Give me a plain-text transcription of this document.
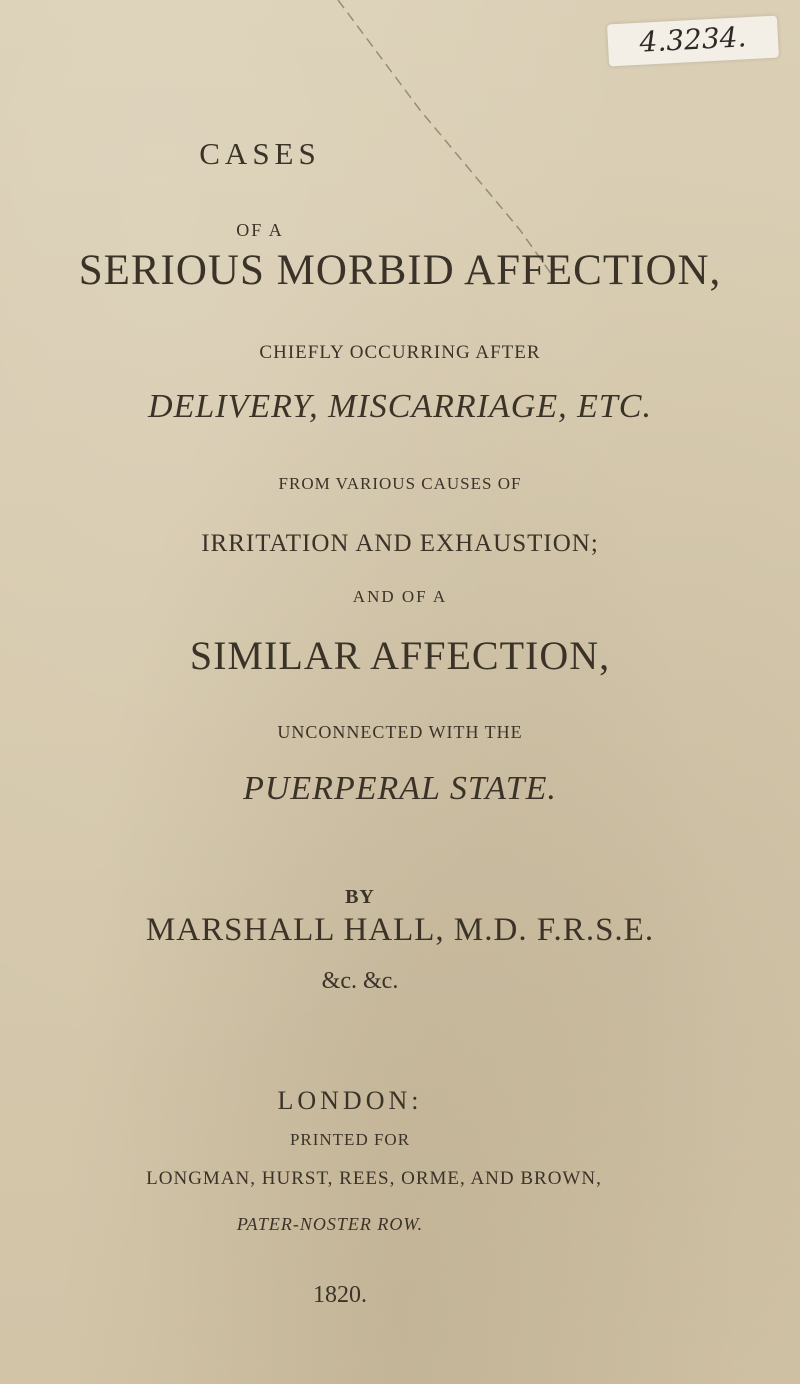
4.3234.
CASES
OF A
SERIOUS MORBID AFFECTION,
CHIEFLY OCCURRING AFTER
DELIVERY, MISCARRIAGE, ETC.
FROM VARIOUS CAUSES OF
IRRITATION AND EXHAUSTION;
AND OF A
SIMILAR AFFECTION,
UNCONNECTED WITH THE
PUERPERAL STATE.
BY
MARSHALL HALL, M.D. F.R.S.E.
&c. &c.
LONDON:
PRINTED FOR
LONGMAN, HURST, REES, ORME, AND BROWN,
PATER-NOSTER ROW.
1820.
